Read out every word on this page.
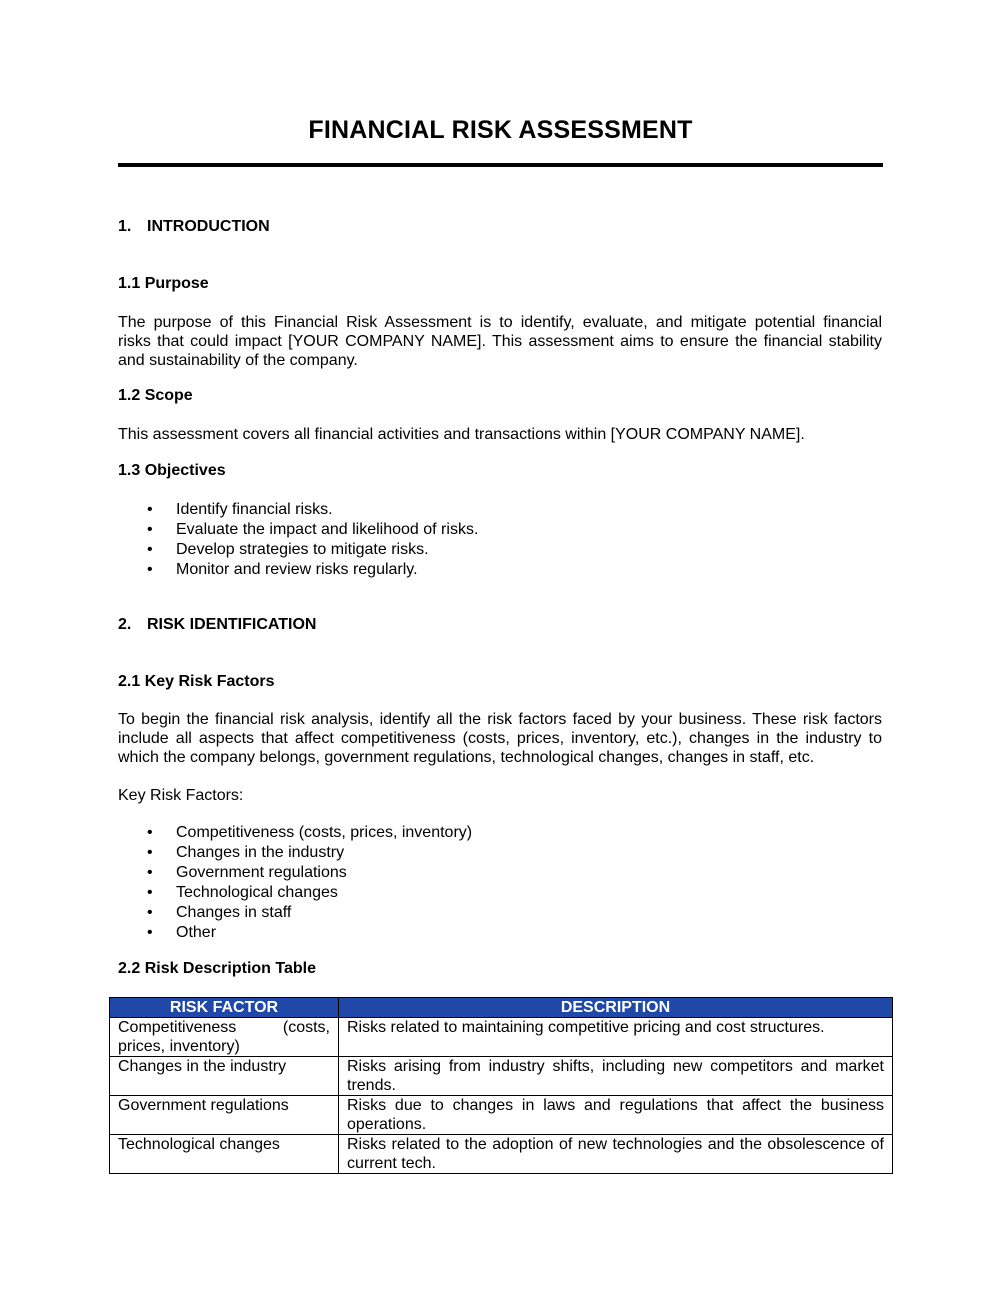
FINANCIAL RISK ASSESSMENT
1. INTRODUCTION
1.1 Purpose
The purpose of this Financial Risk Assessment is to identify, evaluate, and mitigate potential financial
risks that could impact [YOUR COMPANY NAME]. This assessment aims to ensure the financial stability
and sustainability of the company.
1.2 Scope
This assessment covers all financial activities and transactions within [YOUR COMPANY NAME].
1.3 Objectives
• Identify financial risks.
• Evaluate the impact and likelihood of risks.
• Develop strategies to mitigate risks.
• Monitor and review risks regularly.
2. RISK IDENTIFICATION
2.1 Key Risk Factors
To begin the financial risk analysis, identify all the risk factors faced by your business. These risk factors
include all aspects that affect competitiveness (costs, prices, inventory, etc.), changes in the industry to
which the company belongs, government regulations, technological changes, changes in staff, etc.
Key Risk Factors:
• Competitiveness (costs, prices, inventory)
• Changes in the industry
• Government regulations
• Technological changes
• Changes in staff
• Other
2.2 Risk Description Table
RISK FACTOR	DESCRIPTION
Competitiveness (costs, prices, inventory)	Risks related to maintaining competitive pricing and cost structures.
Changes in the industry	Risks arising from industry shifts, including new competitors and market trends.
Government regulations	Risks due to changes in laws and regulations that affect the business operations.
Technological changes	Risks related to the adoption of new technologies and the obsolescence of current tech.
